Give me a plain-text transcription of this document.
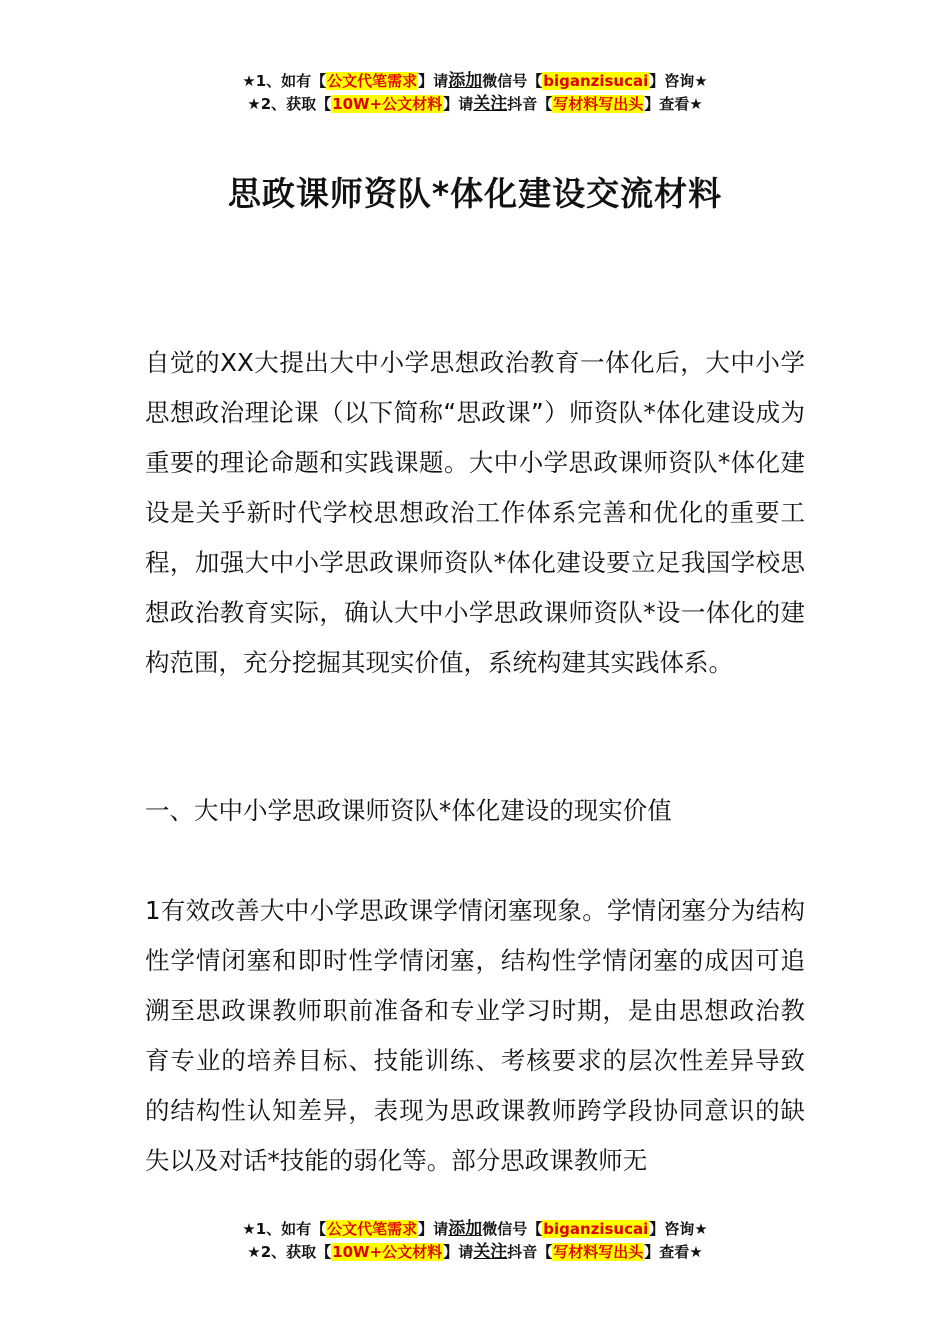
★1、如有【公文代笔需求】请添加微信号【biganzisucai】咨询★
★2、获取【10W+公文材料】请关注抖音【写材料写出头】查看★
思政课师资队*体化建设交流材料

自觉的XX大提出大中小学思想政治教育一体化后，大中小学思想政治理论课（以下简称“思政课”）师资队*体化建设成为重要的理论命题和实践课题。大中小学思政课师资队*体化建设是关乎新时代学校思想政治工作体系完善和优化的重要工程，加强大中小学思政课师资队*体化建设要立足我国学校思想政治教育实际，确认大中小学思政课师资队*设一体化的建构范围，充分挖掘其现实价值，系统构建其实践体系。

一、大中小学思政课师资队*体化建设的现实价值

1有效改善大中小学思政课学情闭塞现象。学情闭塞分为结构性学情闭塞和即时性学情闭塞，结构性学情闭塞的成因可追溯至思政课教师职前准备和专业学习时期，是由思想政治教育专业的培养目标、技能训练、考核要求的层次性差异导致的结构性认知差异，表现为思政课教师跨学段协同意识的缺失以及对话*技能的弱化等。部分思政课教师无

★1、如有【公文代笔需求】请添加微信号【biganzisucai】咨询★
★2、获取【10W+公文材料】请关注抖音【写材料写出头】查看★
